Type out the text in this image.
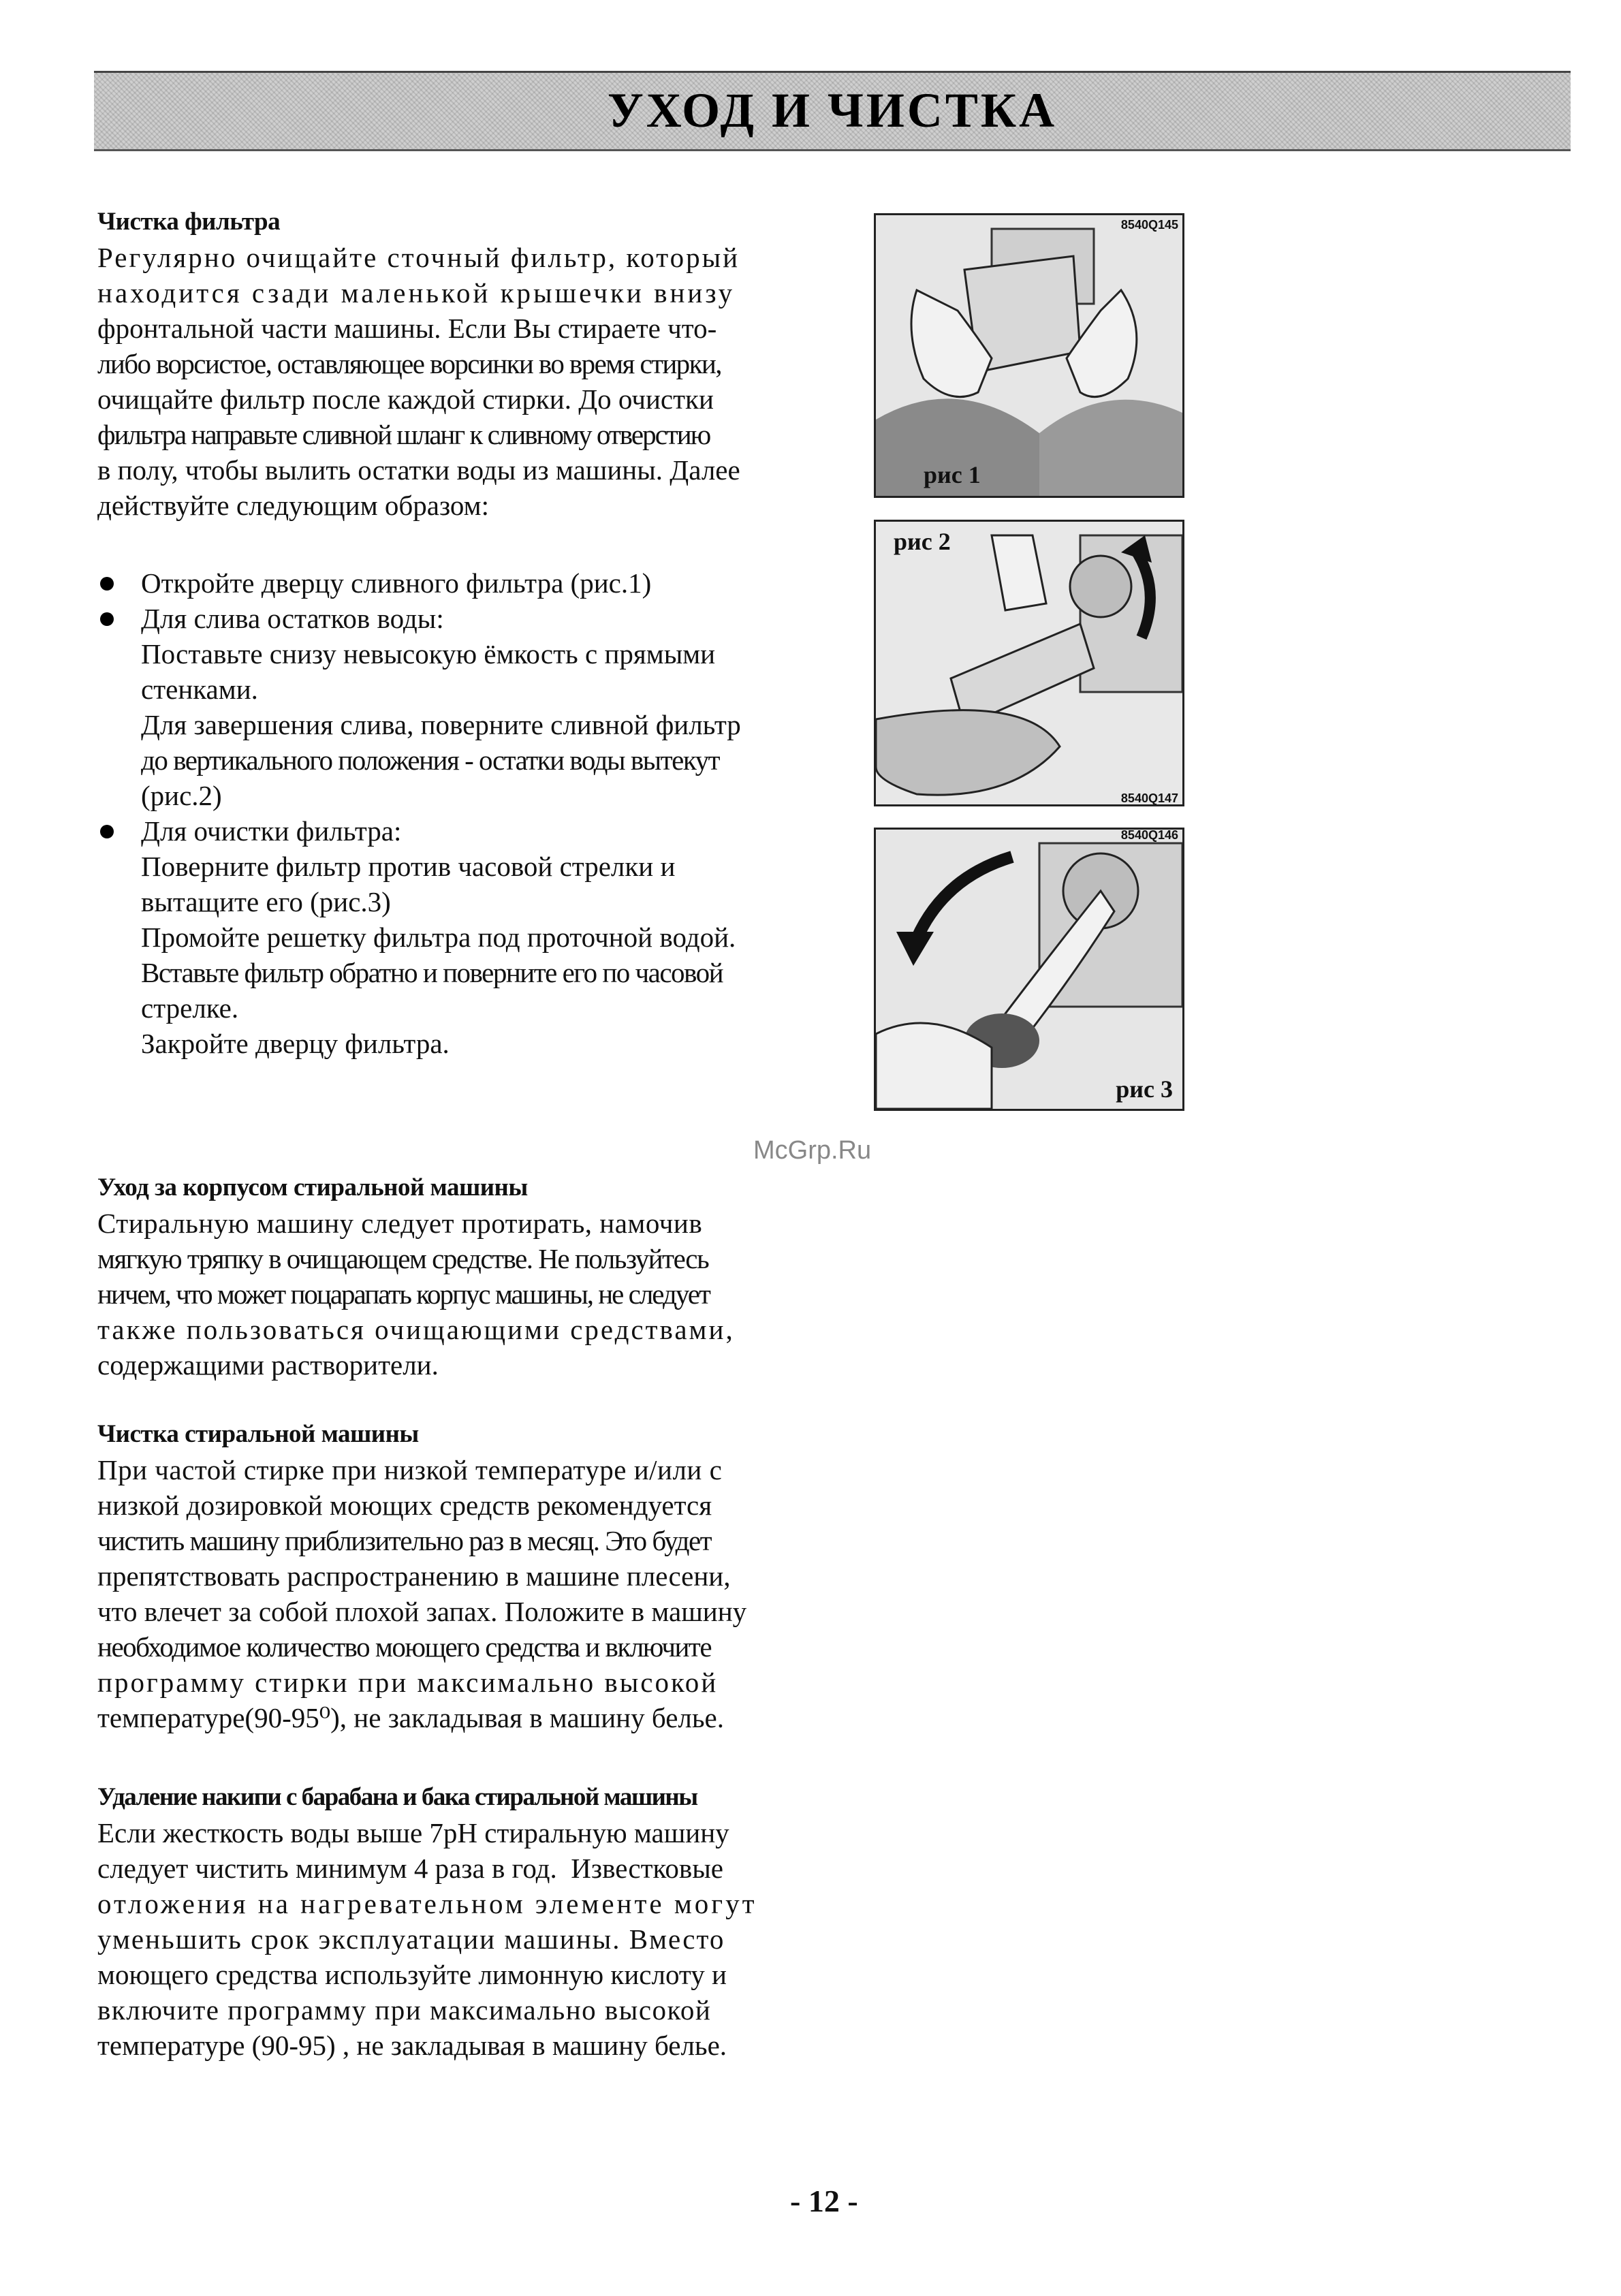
УХОД И ЧИСТКА
Чистка фильтра
Регулярно очищайте сточный фильтр, который
находится сзади маленькой крышечки внизу
фронтальной части машины. Если Вы стираете что-
либо ворсистое, оставляющее ворсинки во время стирки,
очищайте фильтр после каждой стирки. До очистки
фильтра направьте сливной шланг к сливному отверстию
в полу, чтобы вылить остатки воды из машины. Далее
действуйте следующим образом:
Откройте дверцу сливного фильтра (рис.1)
Для слива остатков воды:
Поставьте снизу невысокую ёмкость с прямыми
стенками.
Для завершения слива, поверните сливной фильтр
до вертикального положения - остатки воды вытекут
(рис.2)
Для очистки фильтра:
Поверните фильтр против часовой стрелки и
вытащите его (рис.3)
Промойте решетку фильтра под проточной водой.
Вставьте фильтр обратно и поверните его по часовой
стрелке.
Закройте дверцу фильтра.
8540Q145
рис 1
рис 2
8540Q147
8540Q146
рис 3
McGrp.Ru
Уход за корпусом стиральной машины
Стиральную машину следует протирать, намочив
мягкую тряпку в очищающем средстве. Не пользуйтесь
ничем, что может поцарапать корпус машины, не следует
также пользоваться очищающими средствами,
содержащими растворители.
Чистка стиральной машины
При частой стирке при низкой температуре и/или с
низкой дозировкой моющих средств рекомендуется
чистить машину приблизительно раз в месяц. Это будет
препятствовать распространению в машине плесени,
что влечет за собой плохой запах. Положите в машину
необходимое количество моющего средства и включите
программу стирки при максимально высокой
температуре(90-95⁰), не закладывая в машину белье.
Удаление накипи с барабана и бака стиральной машины
Если жесткость воды выше 7pH стиральную машину
следует чистить минимум 4 раза в год.  Известковые
отложения на нагревательном элементе могут
уменьшить срок эксплуатации машины. Вместо
моющего средства используйте лимонную кислоту и
включите программу при максимально высокой
температуре (90-95) , не закладывая в машину белье.
- 12 -
